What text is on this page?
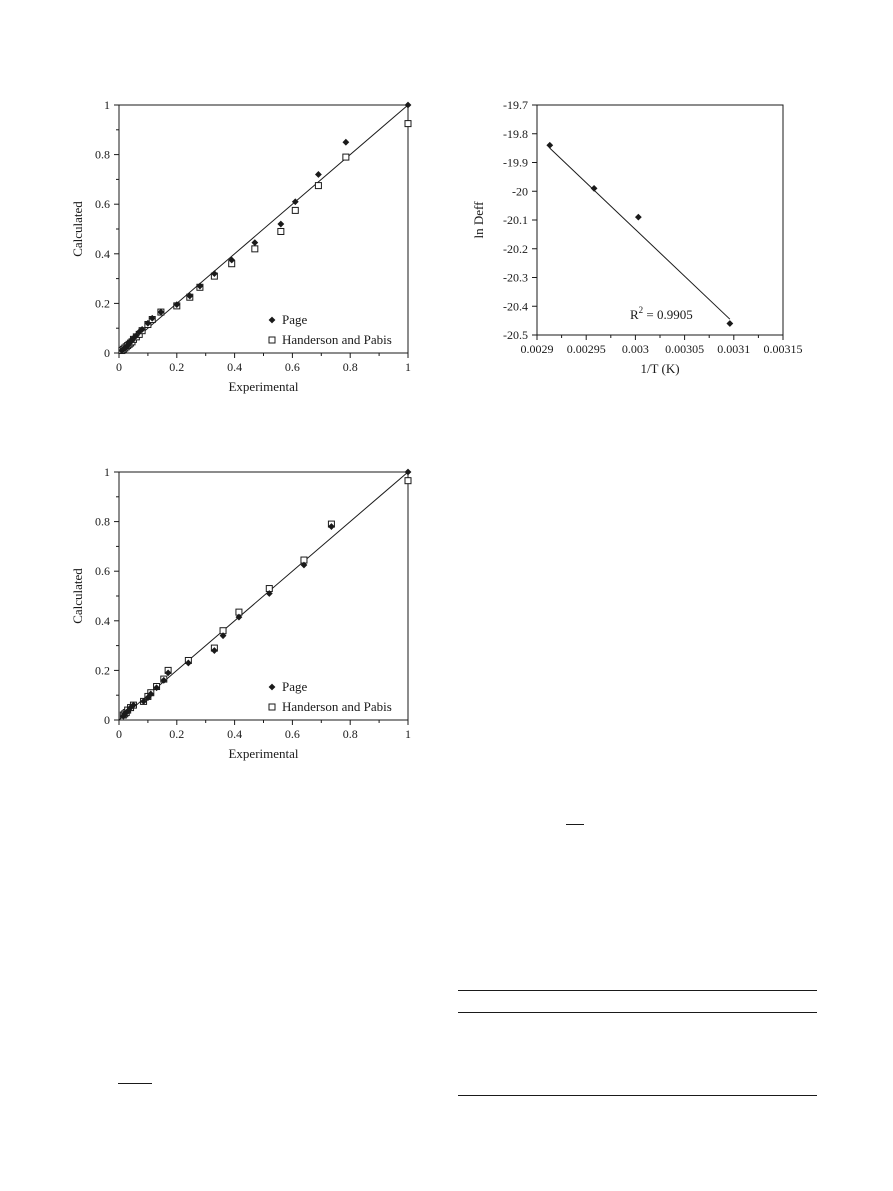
0	0.2	0.4	0.6	0.8	1
0
0.2
0.4
0.6
0.8
1
Experimental
Calculated
Page
Handerson and Pabis
0.0029 0.00295 0.003 0.00305 0.0031 0.00315
-19.7
-19.8
-19.9
-20
-20.1
-20.2
-20.3
-20.4
-20.5
1/T (K)
ln Deff
$R^2 = 0.9905$
0	0.2	0.4	0.6	0.8	1
0
0.2
0.4
0.6
0.8
1
Experimental
Calculated
Page
Handerson and Pabis
